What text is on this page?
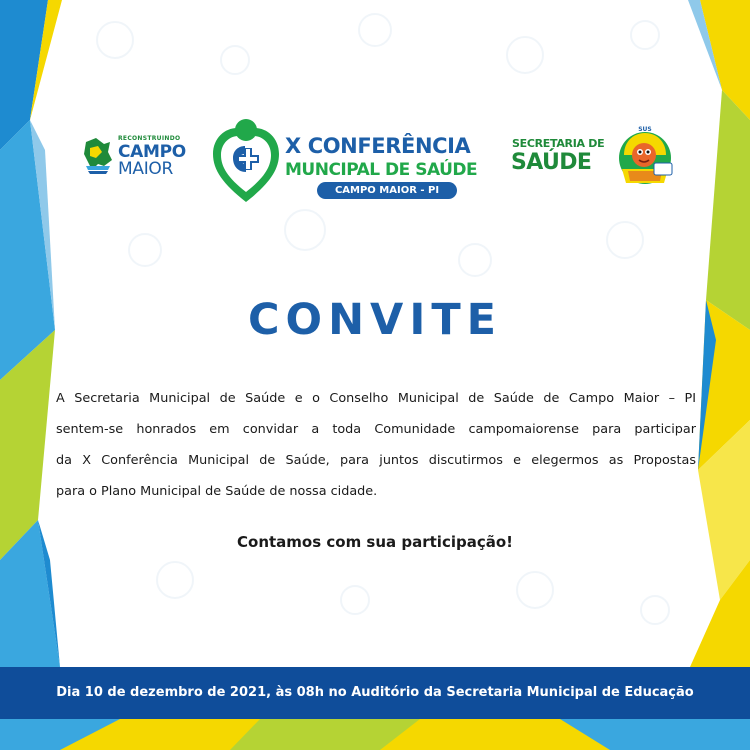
RECONSTRUINDO
CAMPO
MAIOR
X CONFERÊNCIA
MUNCIPAL DE SAÚDE
CAMPO MAIOR - PI
SECRETARIA DE
SAÚDE
SUS
CONVITE
A Secretaria Municipal de Saúde e o Conselho Municipal de Saúde de Campo Maior – PI
sentem-se honrados em convidar a toda Comunidade campomaiorense para participar
da X Conferência Municipal de Saúde, para juntos discutirmos e elegermos as Propostas
para o Plano Municipal de Saúde de nossa cidade.
Contamos com sua participação!
Dia 10 de dezembro de 2021, às 08h no Auditório da Secretaria Municipal de Educação
